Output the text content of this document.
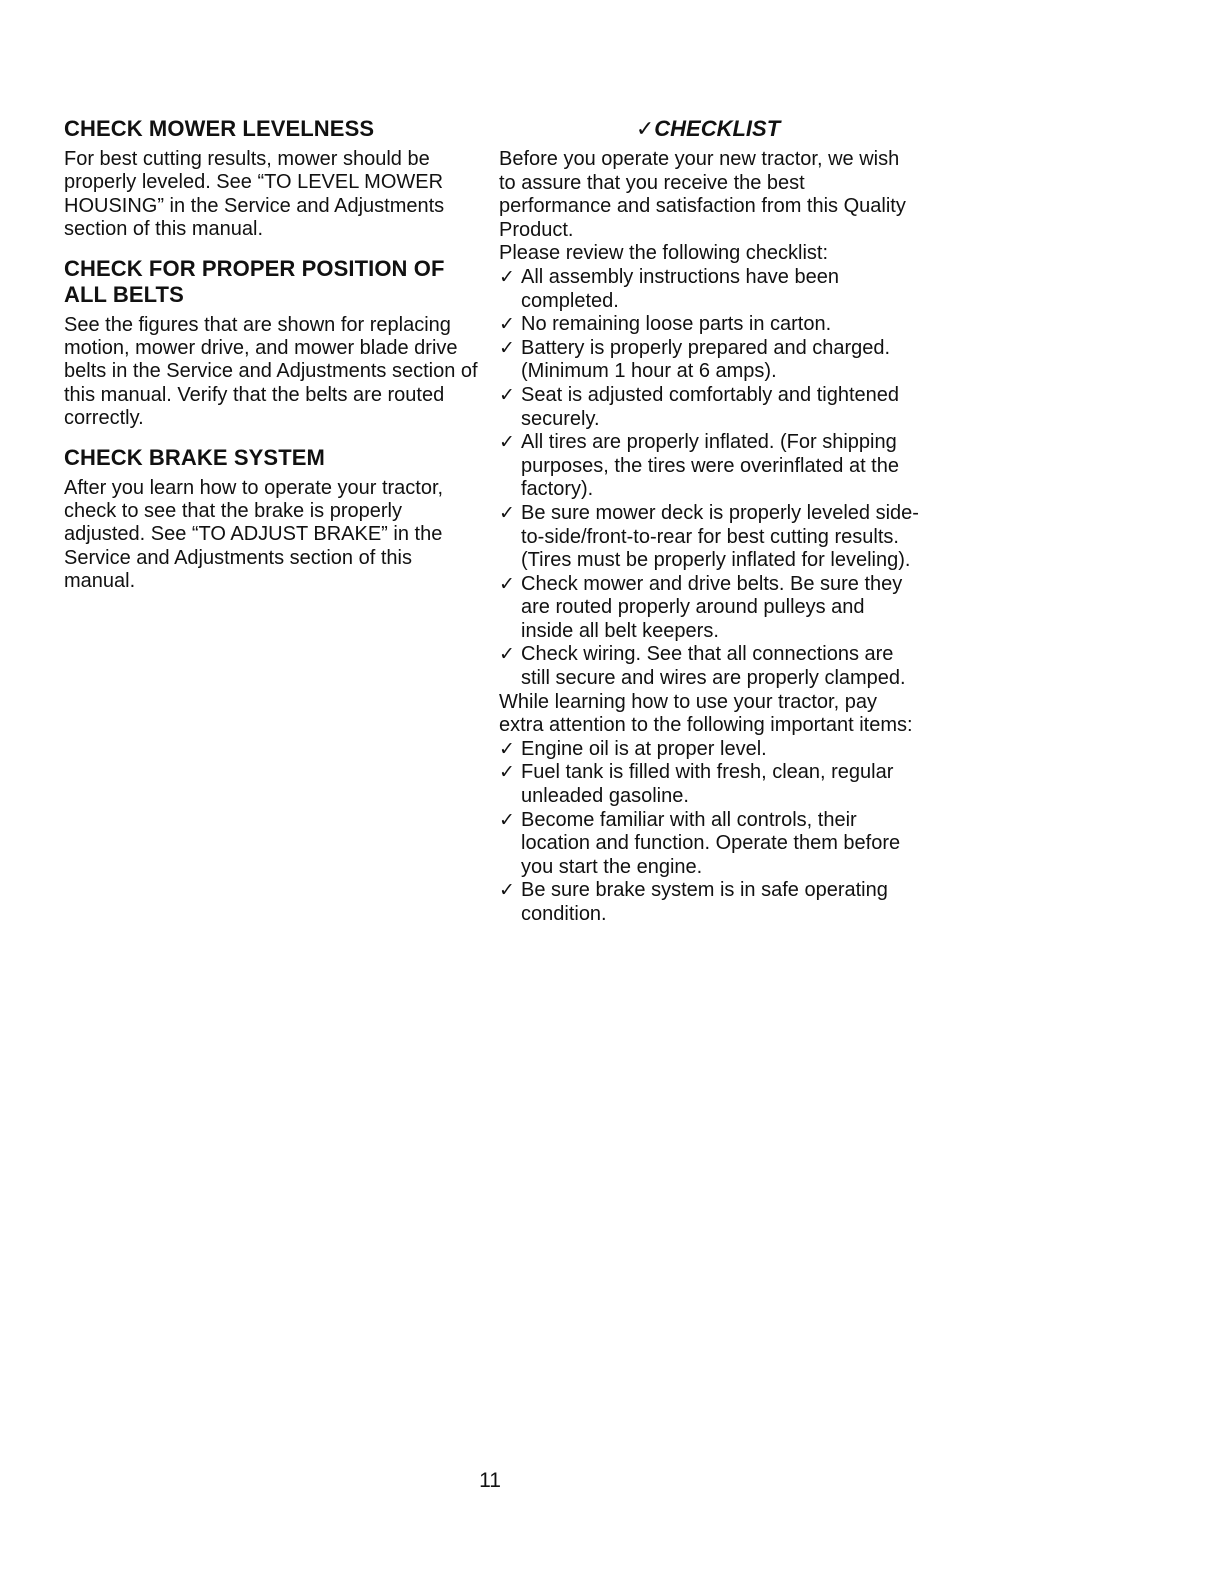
CHECK MOWER LEVELNESS

For best cutting results, mower should be properly leveled. See “TO LEVEL MOWER HOUSING” in the Service and Adjustments section of this manual.

CHECK FOR PROPER POSITION OF ALL BELTS

See the figures that are shown for replacing motion, mower drive, and mower blade drive belts in the Service and Adjustments section of this manual. Verify that the belts are routed correctly.

CHECK BRAKE SYSTEM

After you learn how to operate your tractor, check to see that the brake is properly adjusted. See “TO ADJUST BRAKE” in the Service and Adjustments section of this manual.

✓CHECKLIST

Before you operate your new tractor, we wish to assure that you receive the best performance and satisfaction from this Quality Product.

Please review the following checklist:

✓ All assembly instructions have been completed.
✓ No remaining loose parts in carton.
✓ Battery is properly prepared and charged. (Minimum 1 hour at 6 amps).
✓ Seat is adjusted comfortably and tightened securely.
✓ All tires are properly inflated. (For shipping purposes, the tires were overinflated at the factory).
✓ Be sure mower deck is properly leveled side-to-side/front-to-rear for best cutting results. (Tires must be properly inflated for leveling).
✓ Check mower and drive belts. Be sure they are routed properly around pulleys and inside all belt keepers.
✓ Check wiring. See that all connections are still secure and wires are properly clamped.

While learning how to use your tractor, pay extra attention to the following important items:

✓ Engine oil is at proper level.
✓ Fuel tank is filled with fresh, clean, regular unleaded gasoline.
✓ Become familiar with all controls, their location and function. Operate them before you start the engine.
✓ Be sure brake system is in safe operating condition.
11
